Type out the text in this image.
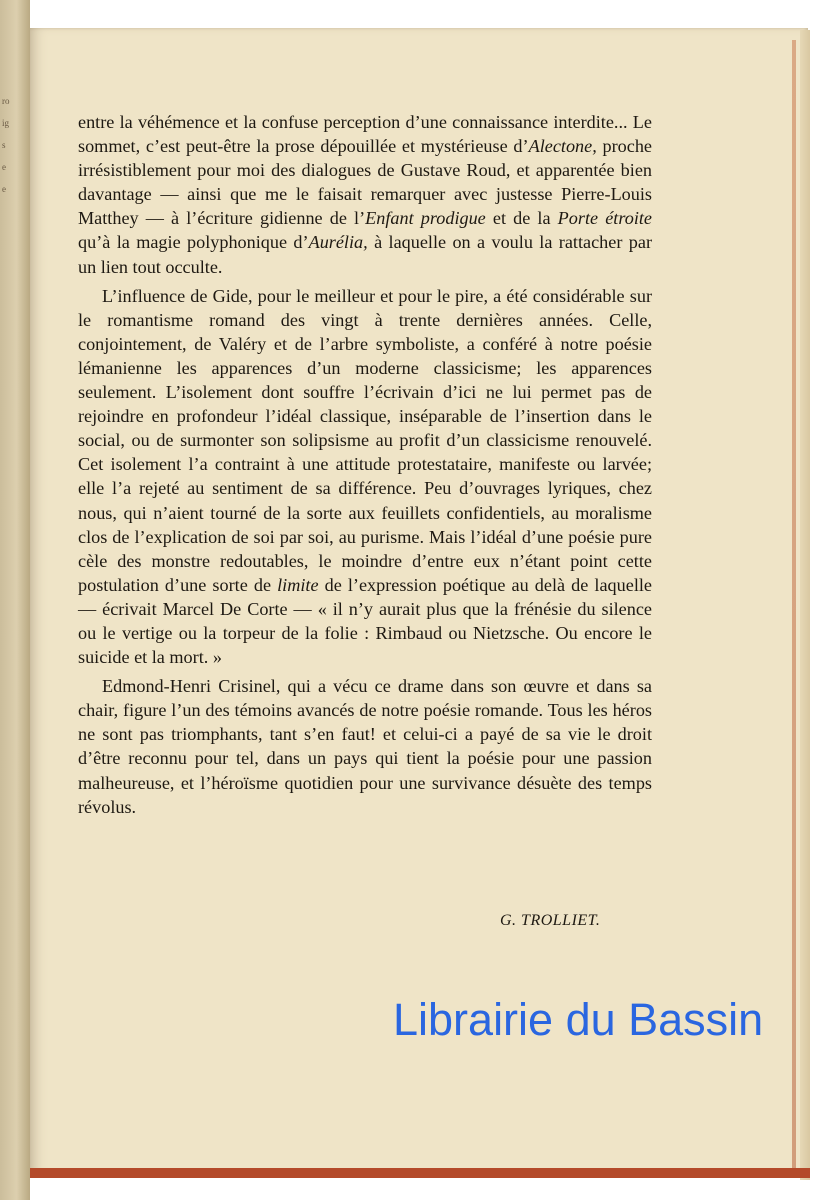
ro
ig
s
e
e

entre la véhémence et la confuse perception d’une connaissance interdite... Le sommet, c’est peut-être la prose dépouillée et mystérieuse d’Alectone, proche irrésistiblement pour moi des dialogues de Gustave Roud, et apparentée bien davantage — ainsi que me le faisait remarquer avec justesse Pierre-Louis Matthey — à l’écriture gidienne de l’Enfant prodigue et de la Porte étroite qu’à la magie polyphonique d’Aurélia, à laquelle on a voulu la rattacher par un lien tout occulte.

L’influence de Gide, pour le meilleur et pour le pire, a été considérable sur le romantisme romand des vingt à trente dernières années. Celle, conjointement, de Valéry et de l’arbre symboliste, a conféré à notre poésie lémanienne les apparences d’un moderne classicisme; les apparences seulement. L’isolement dont souffre l’écrivain d’ici ne lui permet pas de rejoindre en profondeur l’idéal classique, inséparable de l’insertion dans le social, ou de surmonter son solipsisme au profit d’un classicisme renouvelé. Cet isolement l’a contraint à une attitude protestataire, manifeste ou larvée; elle l’a rejeté au sentiment de sa différence. Peu d’ouvrages lyriques, chez nous, qui n’aient tourné de la sorte aux feuillets confidentiels, au moralisme clos de l’explication de soi par soi, au purisme. Mais l’idéal d’une poésie pure cèle des monstre redoutables, le moindre d’entre eux n’étant point cette postulation d’une sorte de limite de l’expression poétique au delà de laquelle — écrivait Marcel De Corte — « il n’y aurait plus que la frénésie du silence ou le vertige ou la torpeur de la folie : Rimbaud ou Nietzsche. Ou encore le suicide et la mort. »

Edmond-Henri Crisinel, qui a vécu ce drame dans son œuvre et dans sa chair, figure l’un des témoins avancés de notre poésie romande. Tous les héros ne sont pas triomphants, tant s’en faut! et celui-ci a payé de sa vie le droit d’être reconnu pour tel, dans un pays qui tient la poésie pour une passion malheureuse, et l’héroïsme quotidien pour une survivance désuète des temps révolus.

G. TROLLIET.
Librairie du Bassin
